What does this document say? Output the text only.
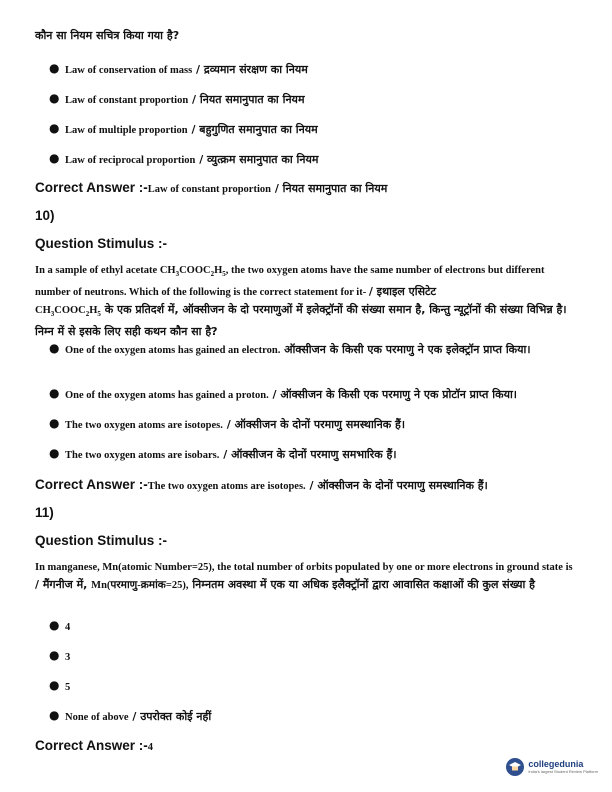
कौन सा नियम सचित्र किया गया है?
● Law of conservation of mass / द्रव्यमान संरक्षण का नियम
● Law of constant proportion / नियत समानुपात का नियम
● Law of multiple proportion / बहुगुणित समानुपात का नियम
● Law of reciprocal proportion / व्युत्क्रम समानुपात का नियम
Correct Answer :-Law of constant proportion / नियत समानुपात का नियम
10)
Question Stimulus :-
In a sample of ethyl acetate $CH_3COOC_2H_5$, the two oxygen atoms have the same number of electrons but different number of neutrons. Which of the following is the correct statement for it- / इथाइल एसिटेट
$CH_3COOC_2H_5$ के एक प्रतिदर्श में, ऑक्सीजन के दो परमाणुओं में इलेक्ट्रॉनों की संख्या समान है, किन्तु न्यूट्रॉनों की संख्या विभिन्न है। निम्न में से इसके लिए सही कथन कौन सा है?
● One of the oxygen atoms has gained an electron. ऑक्सीजन के किसी एक परमाणु ने एक इलेक्ट्रॉन प्राप्त किया।
● One of the oxygen atoms has gained a proton. / ऑक्सीजन के किसी एक परमाणु ने एक प्रोटॉन प्राप्त किया।
● The two oxygen atoms are isotopes. / ऑक्सीजन के दोनों परमाणु समस्थानिक हैं।
● The two oxygen atoms are isobars. / ऑक्सीजन के दोनों परमाणु समभारिक हैं।
Correct Answer :-The two oxygen atoms are isotopes. / ऑक्सीजन के दोनों परमाणु समस्थानिक हैं।
11)
Question Stimulus :-
In manganese, Mn(atomic Number=25), the total number of orbits populated by one or more electrons in ground state is / मैंगनीज में, Mn(परमाणु-क्रमांक=25), निम्नतम अवस्था में एक या अधिक इलैक्ट्रॉनों द्वारा आवासित कक्षाओं की कुल संख्या है
● 4
● 3
● 5
● None of above / उपरोक्त कोई नहीं
Correct Answer :-4
collegedunia
India's largest Student Review Platform
